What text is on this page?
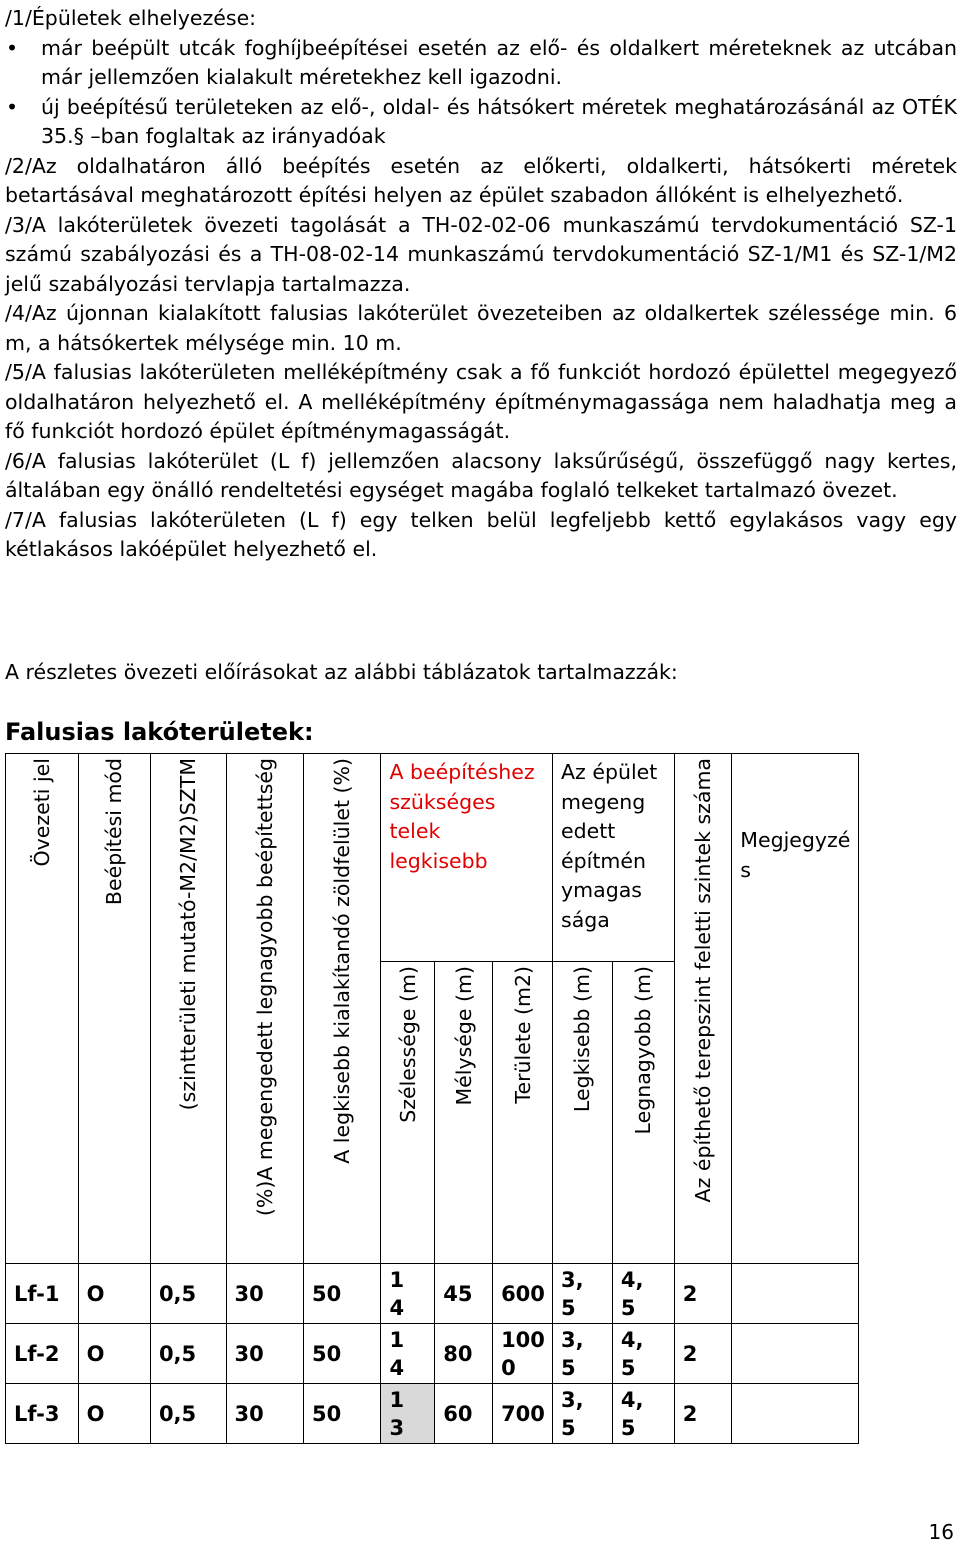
/1/Épületek elhelyezése:

• már beépült utcák foghíjbeépítései esetén az elő- és oldalkert méreteknek az utcában már jellemzően kialakult méretekhez kell igazodni.
• új beépítésű területeken az elő-, oldal- és hátsókert méretek meghatározásánál az OTÉK 35.§ –ban foglaltak az irányadóak

/2/Az oldalhatáron álló beépítés esetén az előkerti, oldalkerti, hátsókerti méretek betartásával meghatározott építési helyen az épület szabadon állóként is elhelyezhető.

/3/A lakóterületek övezeti tagolását a TH-02-02-06 munkaszámú tervdokumentáció SZ-1 számú szabályozási és a TH-08-02-14 munkaszámú tervdokumentáció SZ-1/M1 és SZ-1/M2 jelű szabályozási tervlapja tartalmazza.

/4/Az újonnan kialakított falusias lakóterület övezeteiben az oldalkertek szélessége min. 6 m, a hátsókertek mélysége min. 10 m.

/5/A falusias lakóterületen melléképítmény csak a fő funkciót hordozó épülettel megegyező oldalhatáron helyezhető el. A melléképítmény építménymagassága nem haladhatja meg a fő funkciót hordozó épület építménymagasságát.

/6/A falusias lakóterület (L f) jellemzően alacsony laksűrűségű, összefüggő nagy kertes, általában egy önálló rendeltetési egységet magába foglaló telkeket tartalmazó övezet.

/7/A falusias lakóterületen (L f) egy telken belül legfeljebb kettő egylakásos vagy egy kétlakásos lakóépület helyezhető el.

A részletes övezeti előírásokat az alábbi táblázatok tartalmazzák:

Falusias lakóterületek:

Övezeti jel	Beépítési mód	(szintterületi mutató-M2/M2)SZTM	(%)A megengedett legnagyobb beépítettség	A legkisebb kialakítandó zöldfelület (%)	A beépítéshez szükséges telek legkisebb			Az épület megeng edett építmén ymagas sága		Az építhető terepszint feletti szintek száma	Megjegyzé s

					Szélessége (m)	Mélysége (m)	Területe (m2)	Legkisebb (m)	Legnagyobb (m)		

Lf-1	O	0,5	30	50	1 4	45	600	3, 5	4, 5	2	
Lf-2	O	0,5	30	50	1 4	80	100 0	3, 5	4, 5	2	
Lf-3	O	0,5	30	50	1 3	60	700	3, 5	4, 5	2	
16
